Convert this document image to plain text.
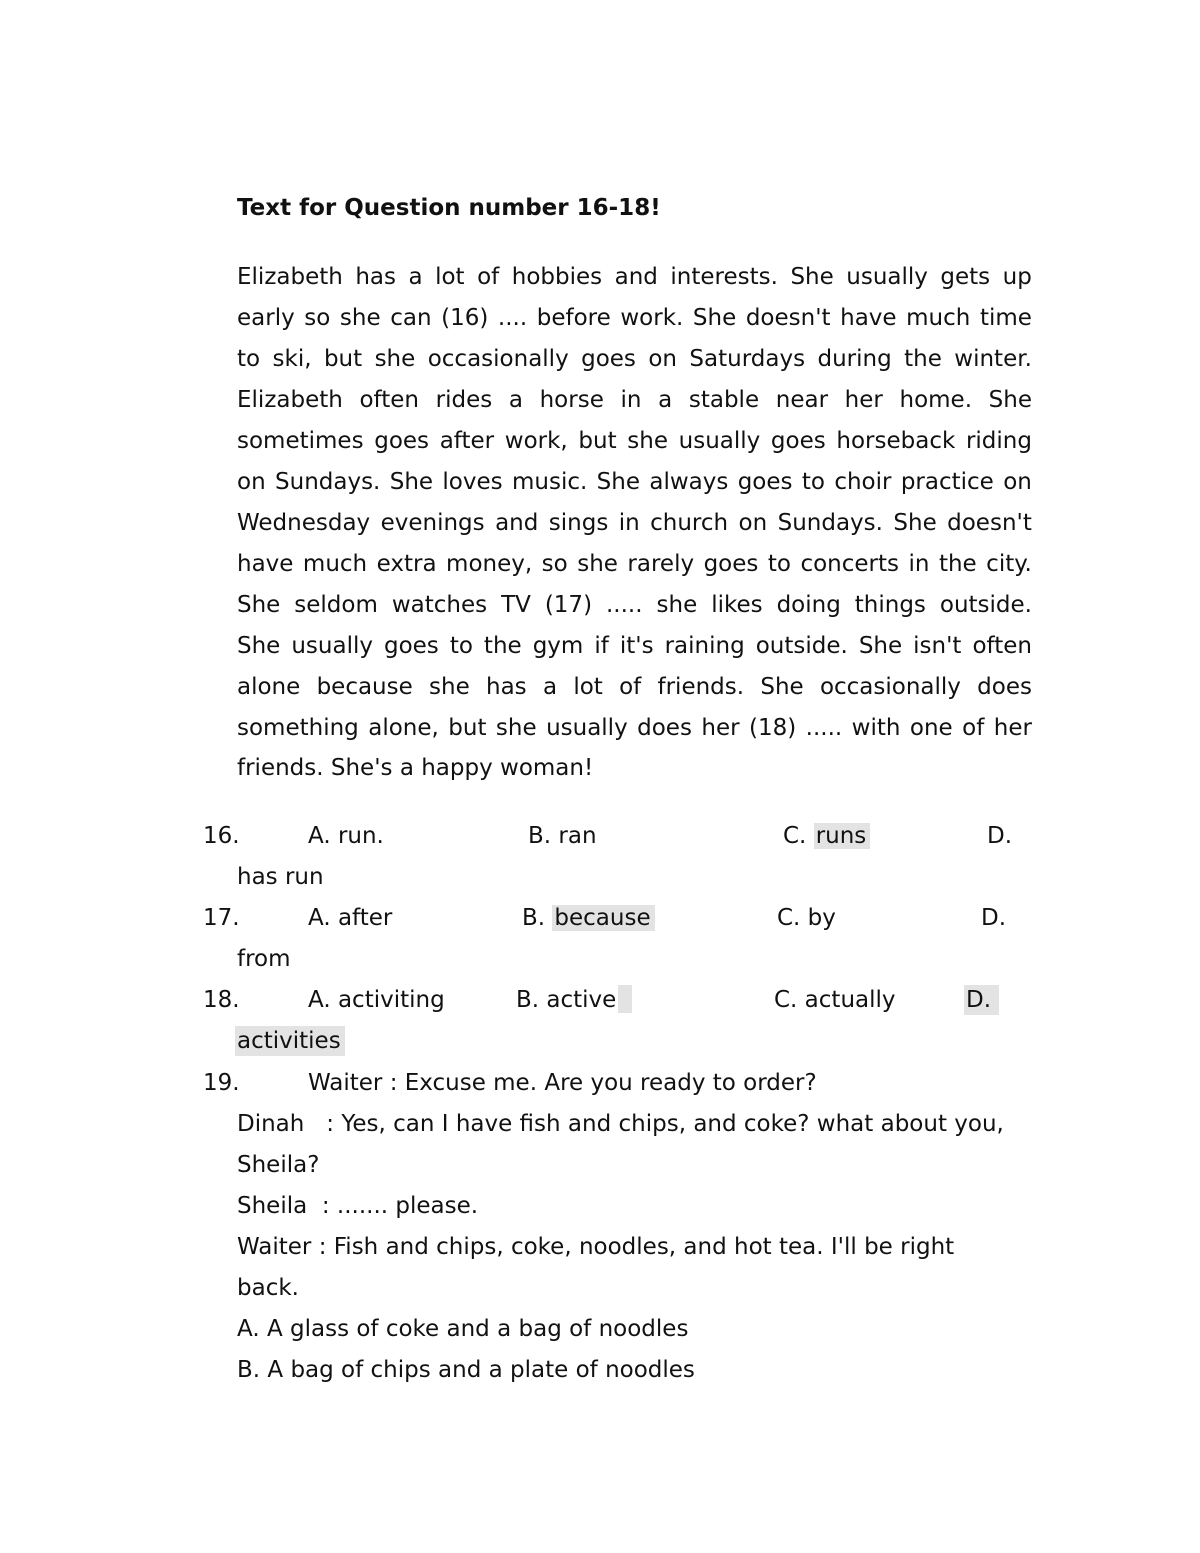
Text for Question number 16-18!
Elizabeth has a lot of hobbies and interests. She usually gets up
early so she can (16) .... before work. She doesn't have much time
to ski, but she occasionally goes on Saturdays during the winter.
Elizabeth often rides a horse in a stable near her home. She
sometimes goes after work, but she usually goes horseback riding
on Sundays. She loves music. She always goes to choir practice on
Wednesday evenings and sings in church on Sundays. She doesn't
have much extra money, so she rarely goes to concerts in the city.
She seldom watches TV (17) ..... she likes doing things outside.
She usually goes to the gym if it's raining outside. She isn't often
alone because she has a lot of friends. She occasionally does
something alone, but she usually does her (18) ..... with one of her
friends. She's a happy woman!
16.	A. run.	B. ran	C. runs	D.
has run
17.	A. after	B. because	C. by	D.
from
18.	A. activiting	B. active	C. actually	D.
activities
19.	Waiter : Excuse me. Are you ready to order?
Dinah   : Yes, can I have fish and chips, and coke? what about you,
Sheila?
Sheila  : ....... please.
Waiter : Fish and chips, coke, noodles, and hot tea. I'll be right
back.
A. A glass of coke and a bag of noodles
B. A bag of chips and a plate of noodles
